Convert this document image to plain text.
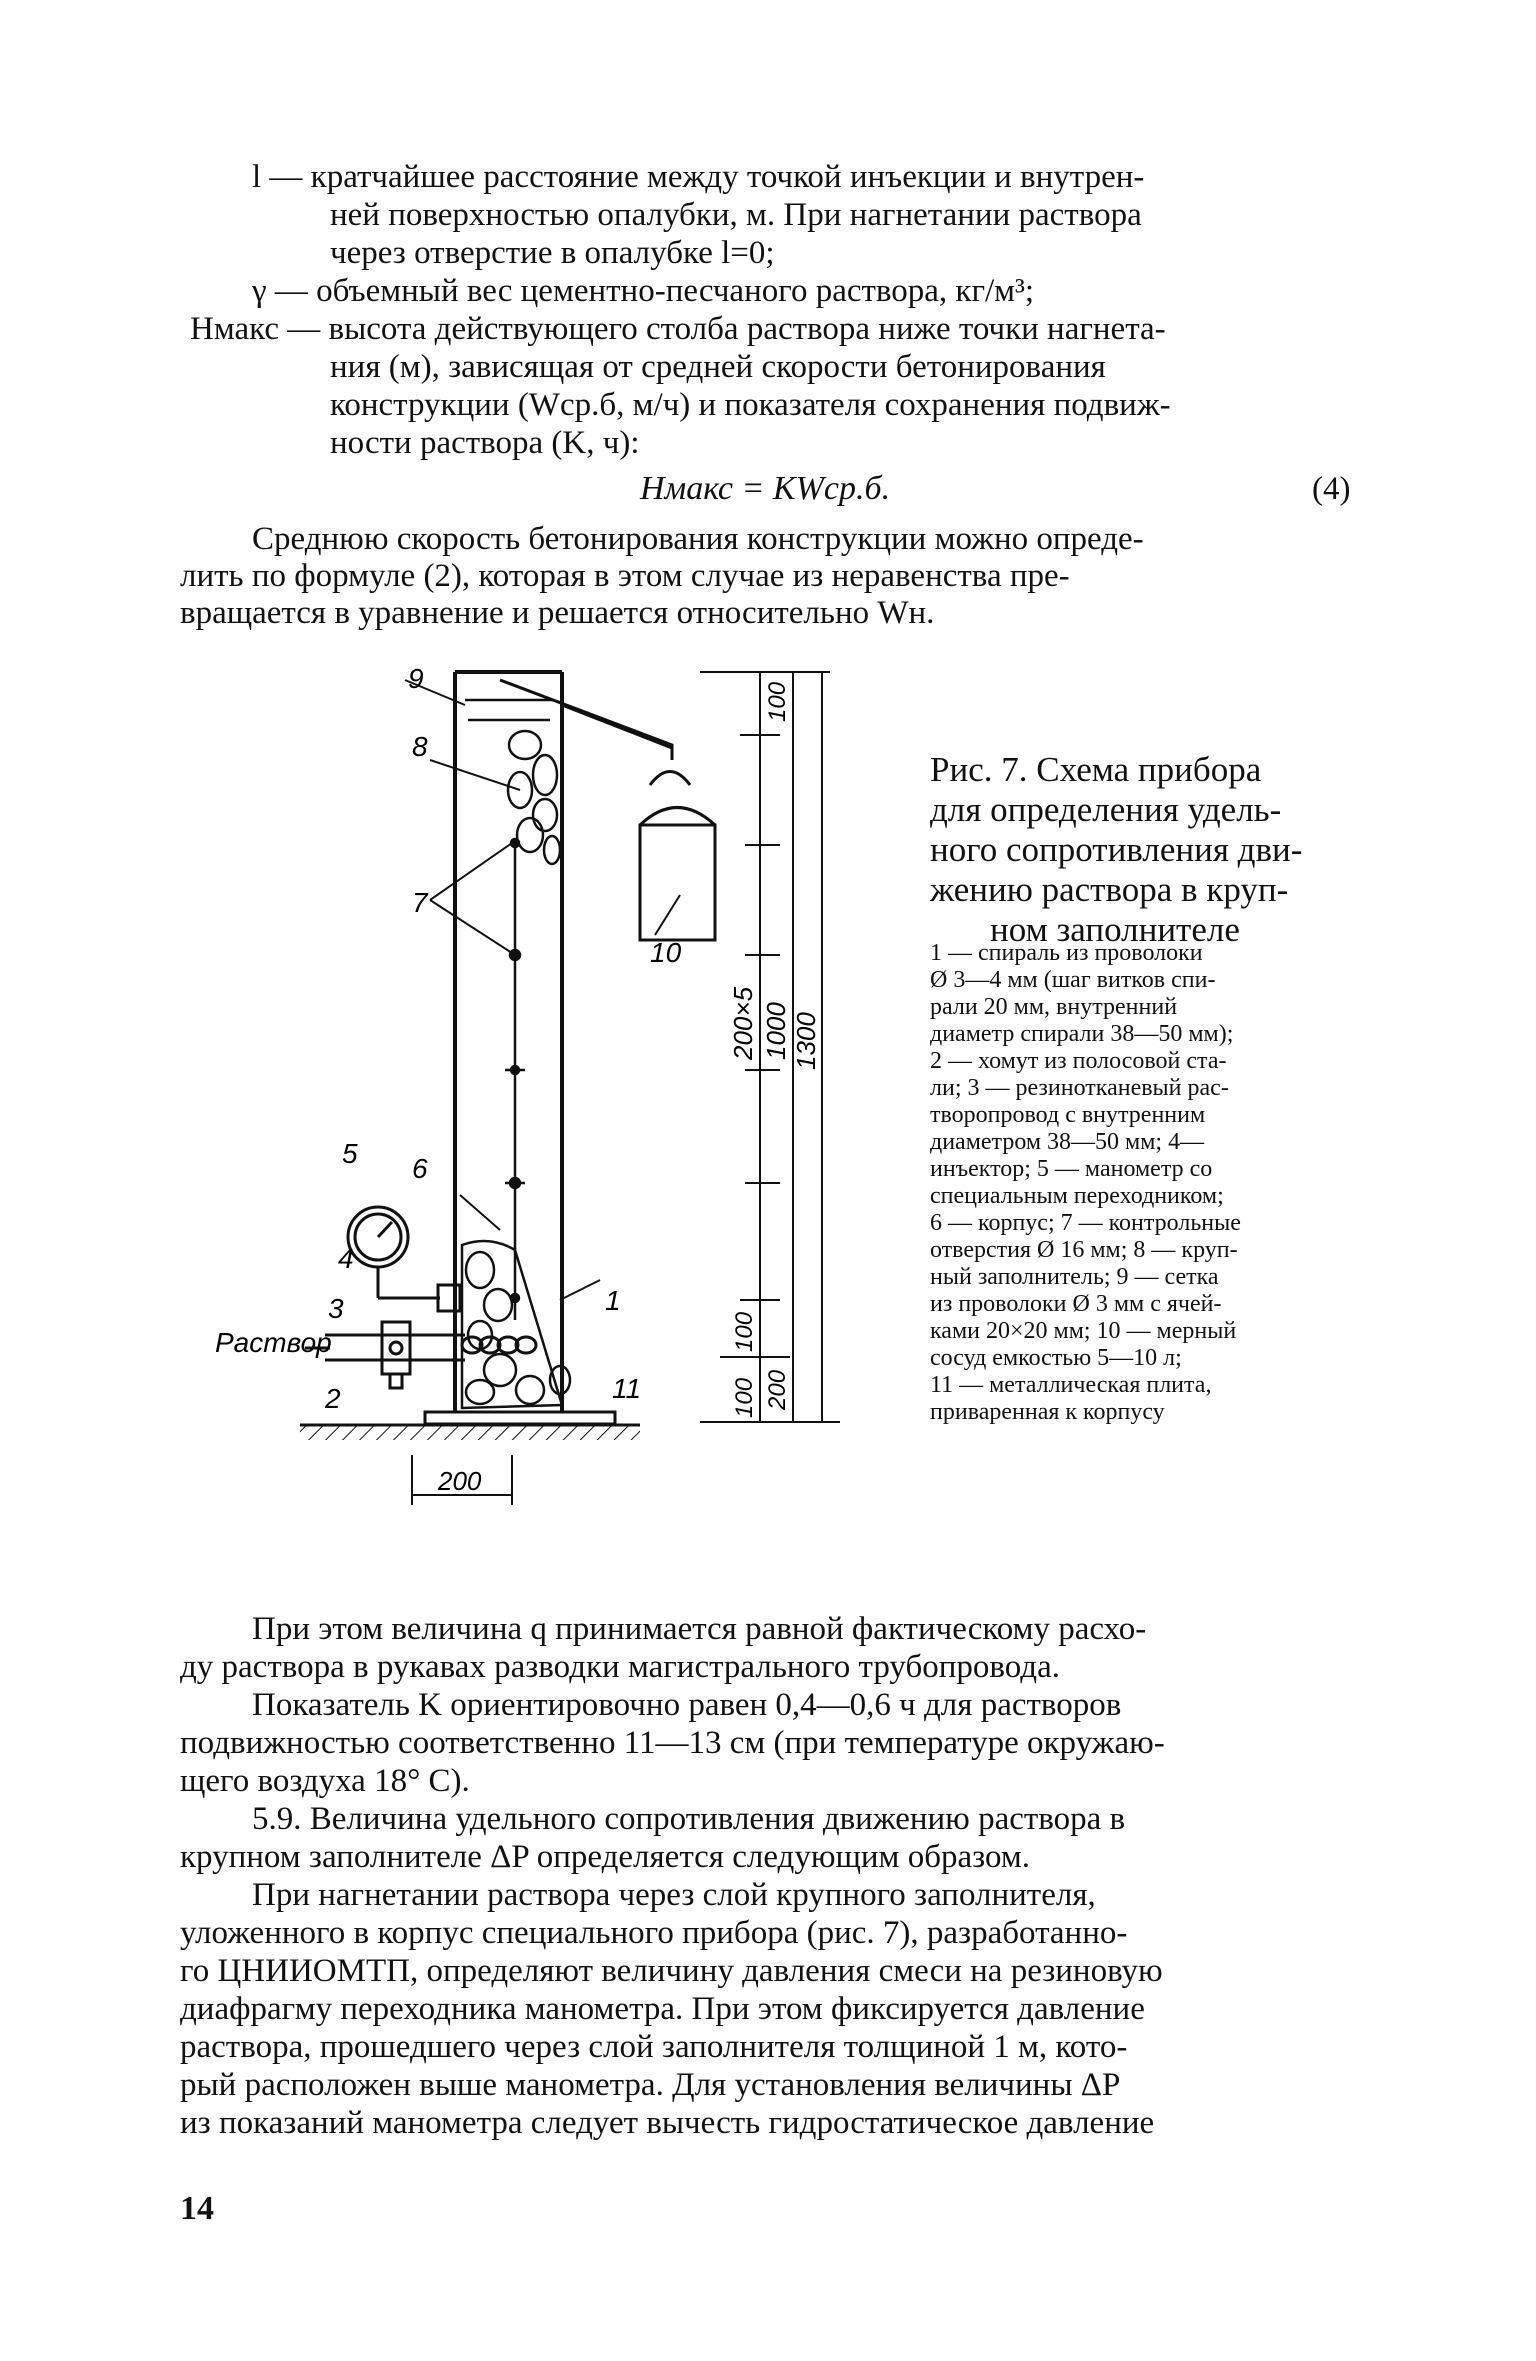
l — кратчайшее расстояние между точкой инъекции и внутрен-
ней поверхностью опалубки, м. При нагнетании раствора
через отверстие в опалубке l=0;
γ — объемный вес цементно-песчаного раствора, кг/м³;
Hмакс — высота действующего столба раствора ниже точки нагнета-
ния (м), зависящая от средней скорости бетонирования
конструкции (Wср.б, м/ч) и показателя сохранения подвиж-
ности раствора (K, ч):
Hмакс = KWср.б.	(4)
Среднюю скорость бетонирования конструкции можно опреде-
лить по формуле (2), которая в этом случае из неравенства пре-
вращается в уравнение и решается относительно Wн.
9
8
7
10
5 6
4
3	1
2	11
Раствор
200
100
200×5 1000 1300
100
100
200
Рис. 7. Схема прибора
для определения удель-
ного сопротивления дви-
жению раствора в круп-
ном заполнителе
1 — спираль из проволоки
Ø 3—4 мм (шаг витков спи-
рали 20 мм, внутренний
диаметр спирали 38—50 мм);
2 — хомут из полосовой ста-
ли; 3 — резинотканевый рас-
творопровод с внутренним
диаметром 38—50 мм; 4—
инъектор; 5 — манометр со
специальным переходником;
6 — корпус; 7 — контрольные
отверстия Ø 16 мм; 8 — круп-
ный заполнитель; 9 — сетка
из проволоки Ø 3 мм с ячей-
ками 20×20 мм; 10 — мерный
сосуд емкостью 5—10 л;
11 — металлическая плита,
приваренная к корпусу
При этом величина q принимается равной фактическому расхо-
ду раствора в рукавах разводки магистрального трубопровода.
Показатель K ориентировочно равен 0,4—0,6 ч для растворов
подвижностью соответственно 11—13 см (при температуре окружаю-
щего воздуха 18° С).
5.9. Величина удельного сопротивления движению раствора в
крупном заполнителе ΔP определяется следующим образом.
При нагнетании раствора через слой крупного заполнителя,
уложенного в корпус специального прибора (рис. 7), разработанно-
го ЦНИИОМТП, определяют величину давления смеси на резиновую
диафрагму переходника манометра. При этом фиксируется давление
раствора, прошедшего через слой заполнителя толщиной 1 м, кото-
рый расположен выше манометра. Для установления величины ΔP
из показаний манометра следует вычесть гидростатическое давление
14
